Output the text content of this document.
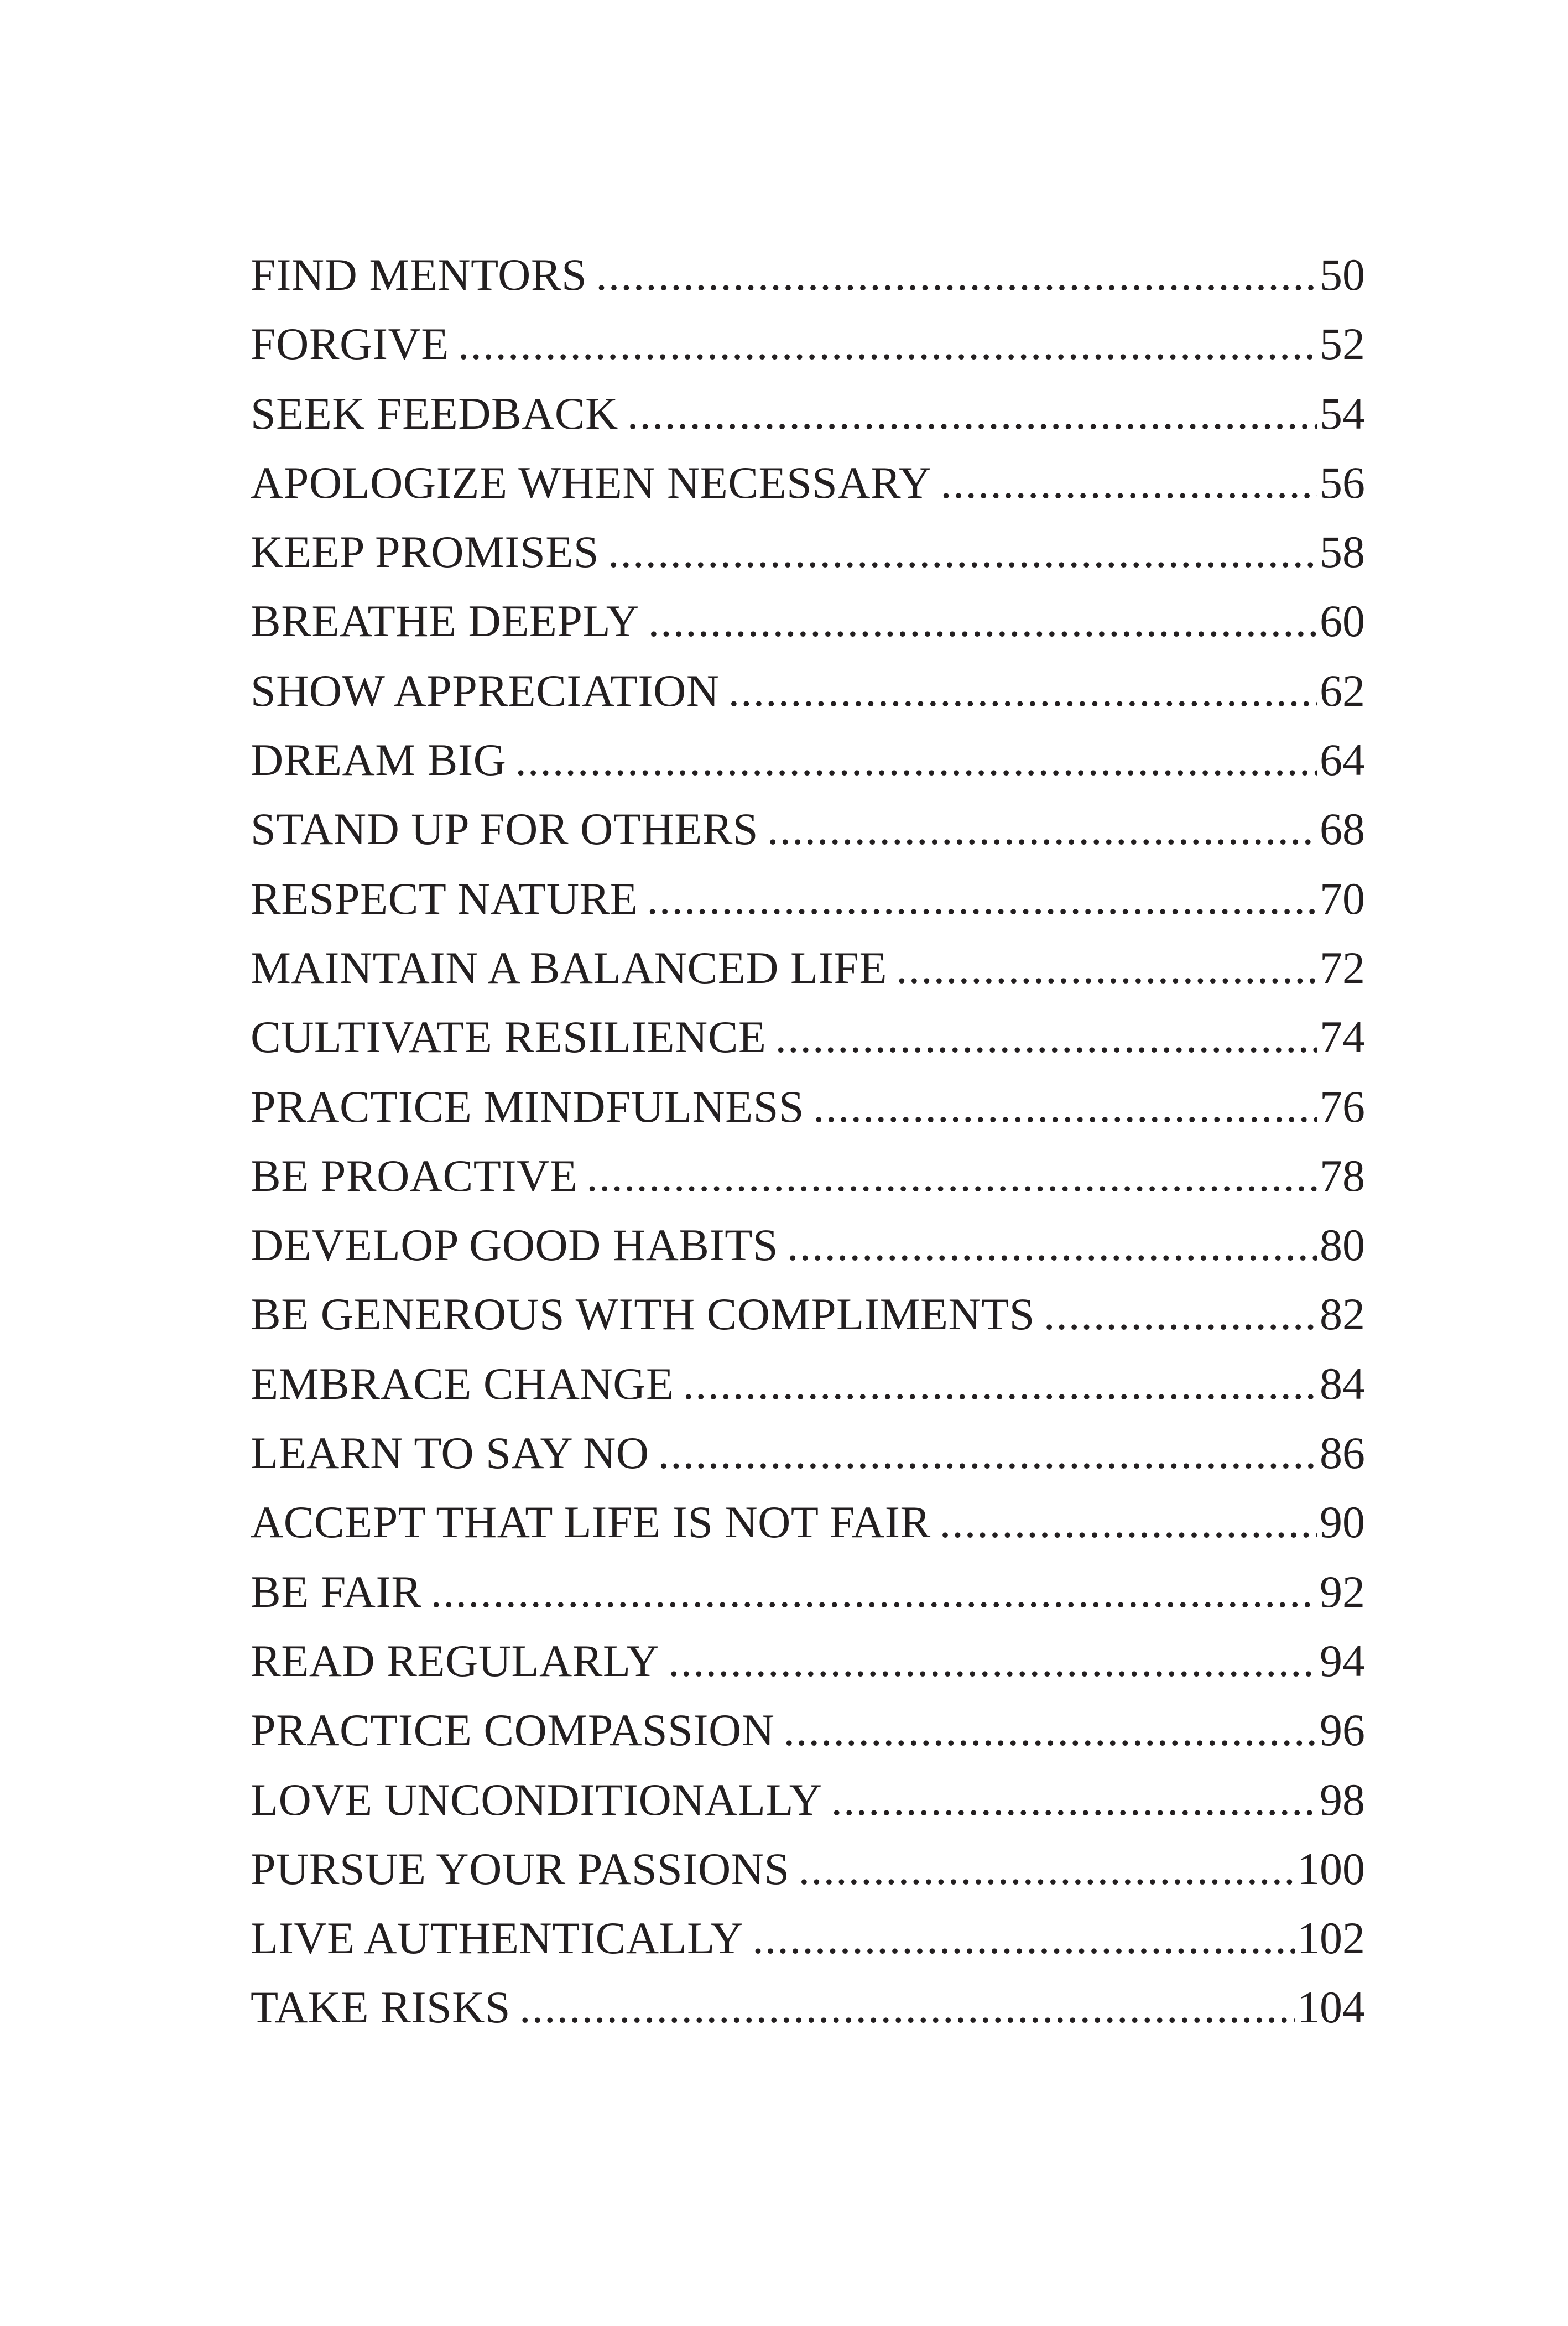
FIND MENTORS .....	50
FORGIVE .....	52
SEEK FEEDBACK .....	54
APOLOGIZE WHEN NECESSARY .....	56
KEEP PROMISES .....	58
BREATHE DEEPLY .....	60
SHOW APPRECIATION .....	62
DREAM BIG .....	64
STAND UP FOR OTHERS .....	68
RESPECT NATURE .....	70
MAINTAIN A BALANCED LIFE .....	72
CULTIVATE RESILIENCE .....	74
PRACTICE MINDFULNESS .....	76
BE PROACTIVE .....	78
DEVELOP GOOD HABITS .....	80
BE GENEROUS WITH COMPLIMENTS .....	82
EMBRACE CHANGE .....	84
LEARN TO SAY NO .....	86
ACCEPT THAT LIFE IS NOT FAIR .....	90
BE FAIR .....	92
READ REGULARLY .....	94
PRACTICE COMPASSION .....	96
LOVE UNCONDITIONALLY .....	98
PURSUE YOUR PASSIONS .....	100
LIVE AUTHENTICALLY .....	102
TAKE RISKS .....	104
